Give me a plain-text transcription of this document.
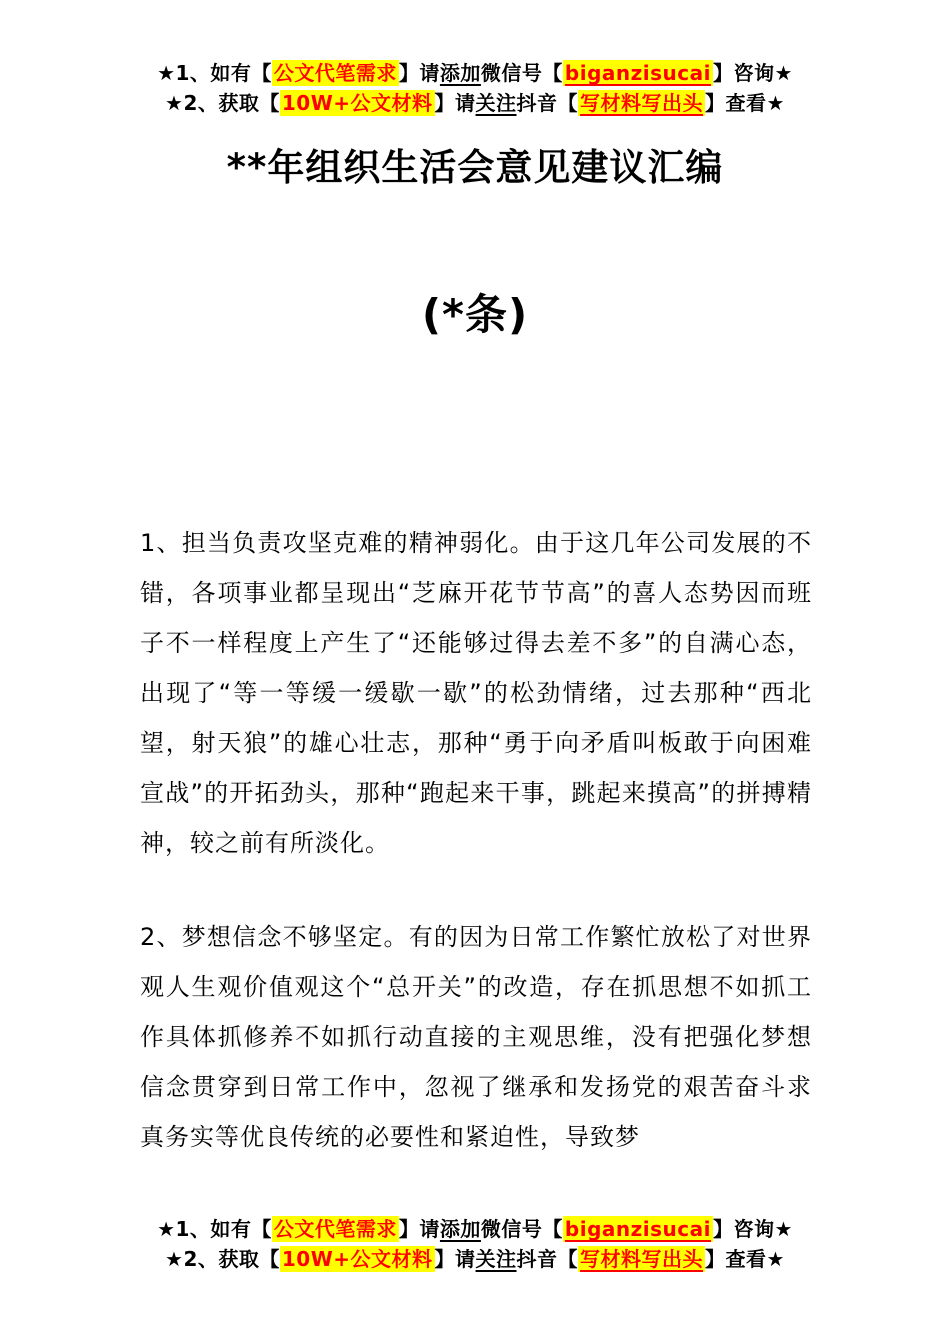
★1、如有【 公文代笔需求 】请添加微信号【 biganzisucai 】咨询★
★2、获取【 10W+公文材料 】请关注抖音【 写材料写出头 】查看★
**年组织生活会意见建议汇编
(*条)

1、担当负责攻坚克难的精神弱化。由于这几年公司发展的不错，各项事业都呈现出“芝麻开花节节高”的喜人态势因而班子不一样程度上产生了“还能够过得去差不多”的自满心态，出现了“等一等缓一缓歇一歇”的松劲情绪，过去那种“西北望，射天狼”的雄心壮志，那种“勇于向矛盾叫板敢于向困难宣战”的开拓劲头，那种“跑起来干事，跳起来摸高”的拼搏精神，较之前有所淡化。

2、梦想信念不够坚定。有的因为日常工作繁忙放松了对世界观人生观价值观这个“总开关”的改造，存在抓思想不如抓工作具体抓修养不如抓行动直接的主观思维，没有把强化梦想信念贯穿到日常工作中，忽视了继承和发扬党的艰苦奋斗求真务实等优良传统的必要性和紧迫性，导致梦

★1、如有【 公文代笔需求 】请添加微信号【 biganzisucai 】咨询★
★2、获取【 10W+公文材料 】请关注抖音【 写材料写出头 】查看★
